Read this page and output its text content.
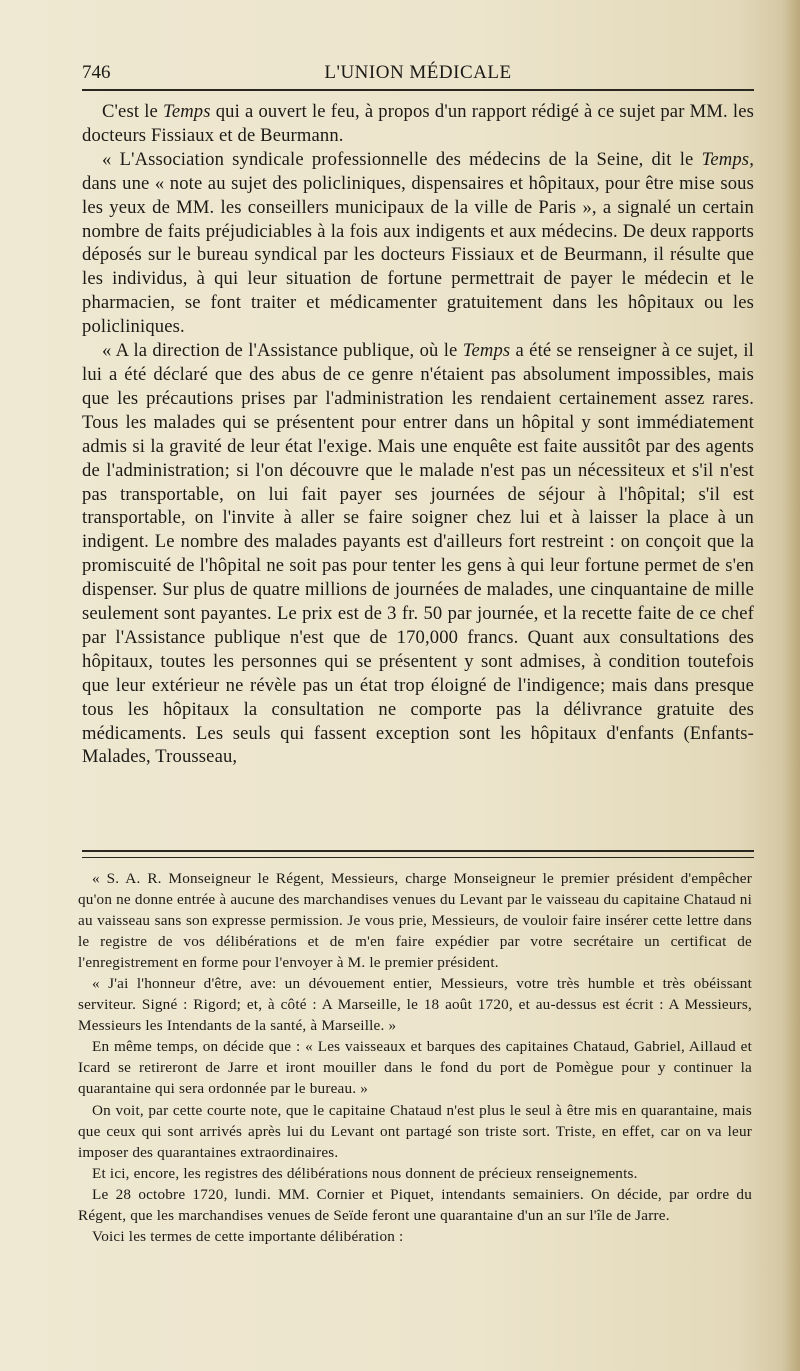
746	L'UNION MÉDICALE

C'est le Temps qui a ouvert le feu, à propos d'un rapport rédigé à ce sujet par MM. les docteurs Fissiaux et de Beurmann.

« L'Association syndicale professionnelle des médecins de la Seine, dit le Temps, dans une « note au sujet des policliniques, dispensaires et hôpitaux, pour être mise sous les yeux de MM. les conseillers municipaux de la ville de Paris », a signalé un certain nombre de faits préjudiciables à la fois aux indigents et aux médecins. De deux rapports déposés sur le bureau syndical par les docteurs Fissiaux et de Beurmann, il résulte que les individus, à qui leur situation de fortune permettrait de payer le médecin et le pharmacien, se font traiter et médicamenter gratuitement dans les hôpitaux ou les policliniques.

« A la direction de l'Assistance publique, où le Temps a été se renseigner à ce sujet, il lui a été déclaré que des abus de ce genre n'étaient pas absolument impossibles, mais que les précautions prises par l'administration les rendaient certainement assez rares. Tous les malades qui se présentent pour entrer dans un hôpital y sont immédiatement admis si la gravité de leur état l'exige. Mais une enquête est faite aussitôt par des agents de l'administration; si l'on découvre que le malade n'est pas un nécessiteux et s'il n'est pas transportable, on lui fait payer ses journées de séjour à l'hôpital; s'il est transportable, on l'invite à aller se faire soigner chez lui et à laisser la place à un indigent. Le nombre des malades payants est d'ailleurs fort restreint : on conçoit que la promiscuité de l'hôpital ne soit pas pour tenter les gens à qui leur fortune permet de s'en dispenser. Sur plus de quatre millions de journées de malades, une cinquantaine de mille seulement sont payantes. Le prix est de 3 fr. 50 par journée, et la recette faite de ce chef par l'Assistance publique n'est que de 170,000 francs. Quant aux consultations des hôpitaux, toutes les personnes qui se présentent y sont admises, à condition toutefois que leur extérieur ne révèle pas un état trop éloigné de l'indigence; mais dans presque tous les hôpitaux la consultation ne comporte pas la délivrance gratuite des médicaments. Les seuls qui fassent exception sont les hôpitaux d'enfants (Enfants-Malades, Trousseau,

« S. A. R. Monseigneur le Régent, Messieurs, charge Monseigneur le premier président d'empêcher qu'on ne donne entrée à aucune des marchandises venues du Levant par le vaisseau du capitaine Chataud ni au vaisseau sans son expresse permission. Je vous prie, Messieurs, de vouloir faire insérer cette lettre dans le registre de vos délibérations et de m'en faire expédier par votre secrétaire un certificat de l'enregistrement en forme pour l'envoyer à M. le premier président.

« J'ai l'honneur d'être, ave: un dévouement entier, Messieurs, votre très humble et très obéissant serviteur. Signé : Rigord; et, à côté : A Marseille, le 18 août 1720, et au-dessus est écrit : A Messieurs, Messieurs les Intendants de la santé, à Marseille. »

En même temps, on décide que : « Les vaisseaux et barques des capitaines Chataud, Gabriel, Aillaud et Icard se retireront de Jarre et iront mouiller dans le fond du port de Pomègue pour y continuer la quarantaine qui sera ordonnée par le bureau. »

On voit, par cette courte note, que le capitaine Chataud n'est plus le seul à être mis en quarantaine, mais que ceux qui sont arrivés après lui du Levant ont partagé son triste sort. Triste, en effet, car on va leur imposer des quarantaines extraordinaires.

Et ici, encore, les registres des délibérations nous donnent de précieux renseignements.

Le 28 octobre 1720, lundi. MM. Cornier et Piquet, intendants semainiers. On décide, par ordre du Régent, que les marchandises venues de Seïde feront une quarantaine d'un an sur l'île de Jarre.

Voici les termes de cette importante délibération :
